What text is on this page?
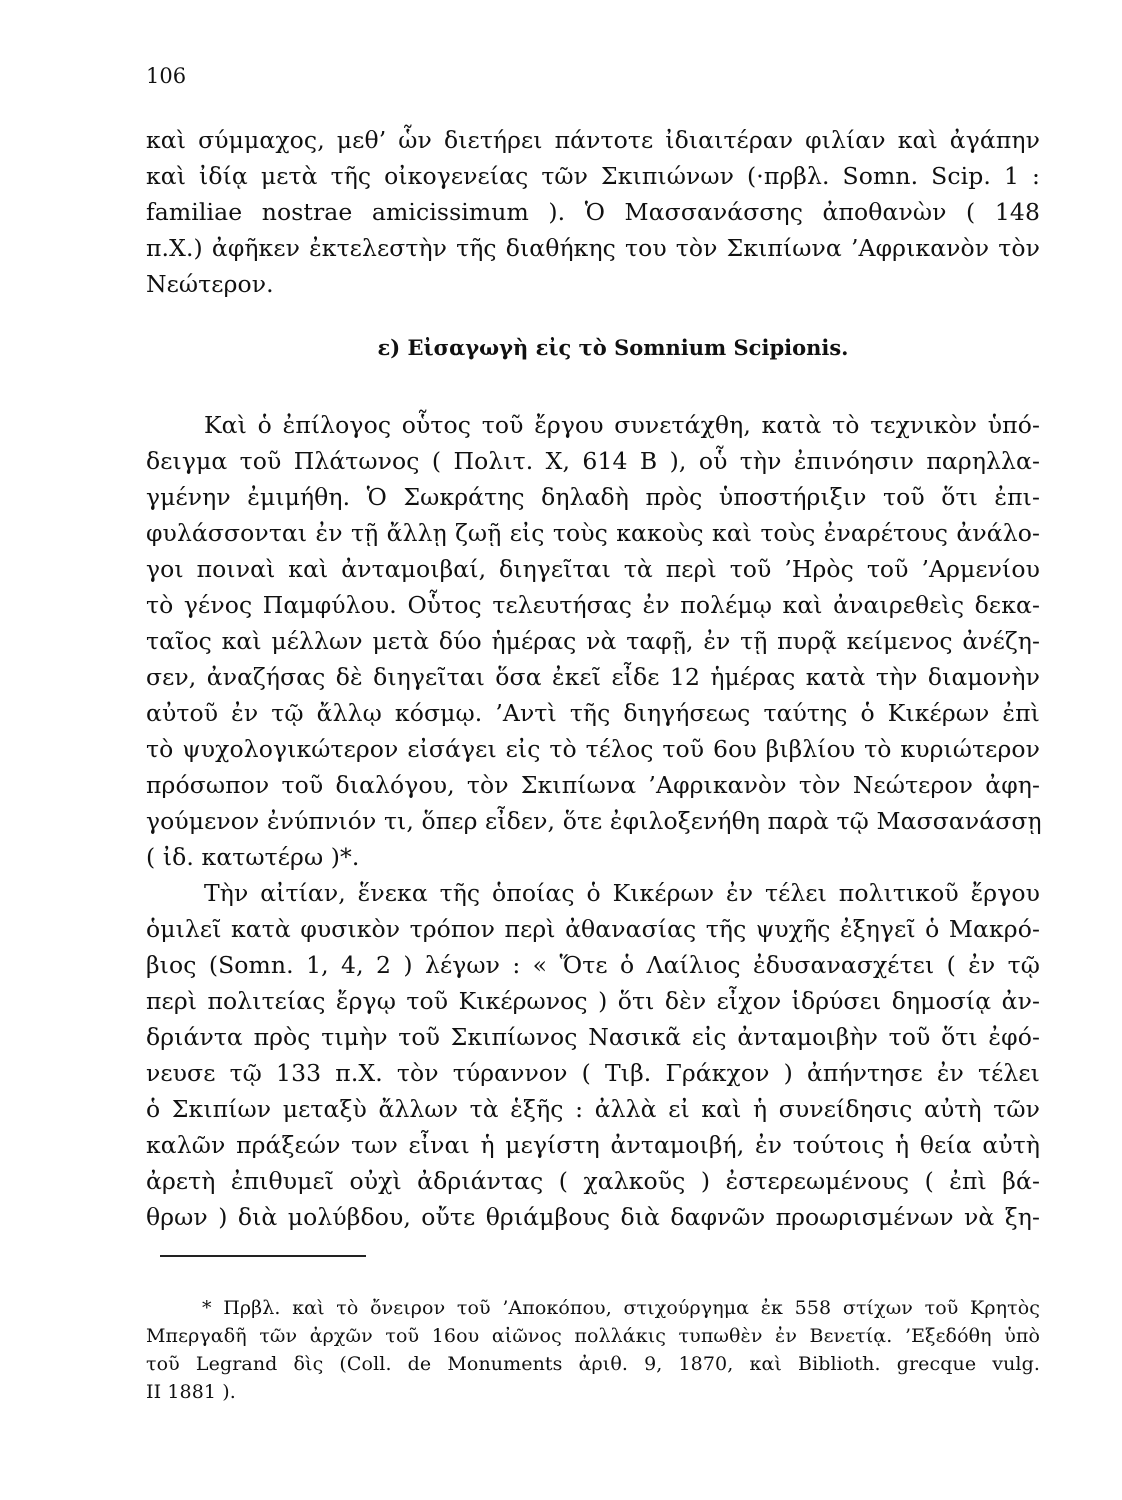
106
καὶ σύμμαχος, μεθ’ ὧν διετήρει πάντοτε ἰδιαιτέραν φιλίαν καὶ ἀγάπην
καὶ ἰδίᾳ μετὰ τῆς οἰκογενείας τῶν Σκιπιώνων (·πρβλ. Somn. Scip. 1 :
familiae nostrae amicissimum ). Ὁ Μασσανάσσης ἀποθανὼν ( 148
π.Χ.) ἀφῆκεν ἐκτελεστὴν τῆς διαθήκης του τὸν Σκιπίωνα ’Αφρικανὸν τὸν
Νεώτερον.
ε) Εἰσαγωγὴ εἰς τὸ Somnium Scipionis.
Καὶ ὁ ἐπίλογος οὗτος τοῦ ἔργου συνετάχθη, κατὰ τὸ τεχνικὸν ὑπό-
δειγμα τοῦ Πλάτωνος ( Πολιτ. Χ, 614 Β ), οὗ τὴν ἐπινόησιν παρηλλα-
γμένην ἐμιμήθη. Ὁ Σωκράτης δηλαδὴ πρὸς ὑποστήριξιν τοῦ ὅτι ἐπι-
φυλάσσονται ἐν τῇ ἄλλῃ ζωῇ εἰς τοὺς κακοὺς καὶ τοὺς ἐναρέτους ἀνάλο-
γοι ποιναὶ καὶ ἀνταμοιβαί, διηγεῖται τὰ περὶ τοῦ ’Ηρὸς τοῦ ’Αρμενίου
τὸ γένος Παμφύλου. Οὗτος τελευτήσας ἐν πολέμῳ καὶ ἀναιρεθεὶς δεκα-
ταῖος καὶ μέλλων μετὰ δύο ἡμέρας νὰ ταφῇ, ἐν τῇ πυρᾷ κείμενος ἀνέζη-
σεν, ἀναζήσας δὲ διηγεῖται ὅσα ἐκεῖ εἶδε 12 ἡμέρας κατὰ τὴν διαμονὴν
αὐτοῦ ἐν τῷ ἄλλῳ κόσμῳ. ’Αντὶ τῆς διηγήσεως ταύτης ὁ Κικέρων ἐπὶ
τὸ ψυχολογικώτερον εἰσάγει εἰς τὸ τέλος τοῦ 6ου βιβλίου τὸ κυριώτερον
πρόσωπον τοῦ διαλόγου, τὸν Σκιπίωνα ’Αφρικανὸν τὸν Νεώτερον ἀφη-
γούμενον ἐνύπνιόν τι, ὅπερ εἶδεν, ὅτε ἐφιλοξενήθη παρὰ τῷ Μασσανάσσῃ
( ἰδ. κατωτέρω )*.
Τὴν αἰτίαν, ἕνεκα τῆς ὁποίας ὁ Κικέρων ἐν τέλει πολιτικοῦ ἔργου
ὁμιλεῖ κατὰ φυσικὸν τρόπον περὶ ἀθανασίας τῆς ψυχῆς ἐξηγεῖ ὁ Μακρό-
βιος (Somn. 1, 4, 2 ) λέγων : « Ὅτε ὁ Λαίλιος ἐδυσανασχέτει ( ἐν τῷ
περὶ πολιτείας ἔργῳ τοῦ Κικέρωνος ) ὅτι δὲν εἶχον ἱδρύσει δημοσίᾳ ἀν-
δριάντα πρὸς τιμὴν τοῦ Σκιπίωνος Νασικᾶ εἰς ἀνταμοιβὴν τοῦ ὅτι ἐφό-
νευσε τῷ 133 π.Χ. τὸν τύραννον ( Τιβ. Γράκχον ) ἀπήντησε ἐν τέλει
ὁ Σκιπίων μεταξὺ ἄλλων τὰ ἑξῆς : ἀλλὰ εἰ καὶ ἡ συνείδησις αὐτὴ τῶν
καλῶν πράξεών των εἶναι ἡ μεγίστη ἀνταμοιβή, ἐν τούτοις ἡ θεία αὐτὴ
ἀρετὴ ἐπιθυμεῖ οὐχὶ ἀδριάντας ( χαλκοῦς ) ἐστερεωμένους ( ἐπὶ βά-
θρων ) διὰ μολύβδου, οὔτε θριάμβους διὰ δαφνῶν προωρισμένων νὰ ξη-
* Πρβλ. καὶ τὸ ὄνειρον τοῦ ’Αποκόπου, στιχούργημα ἐκ 558 στίχων τοῦ Κρητὸς
Μπεργαδῆ τῶν ἀρχῶν τοῦ 16ου αἰῶνος πολλάκις τυπωθὲν ἐν Βενετίᾳ. ’Εξεδόθη ὑπὸ
τοῦ Legrand δὶς (Coll. de Monuments ἀριθ. 9, 1870, καὶ Biblioth. grecque vulg.
II 1881 ).
